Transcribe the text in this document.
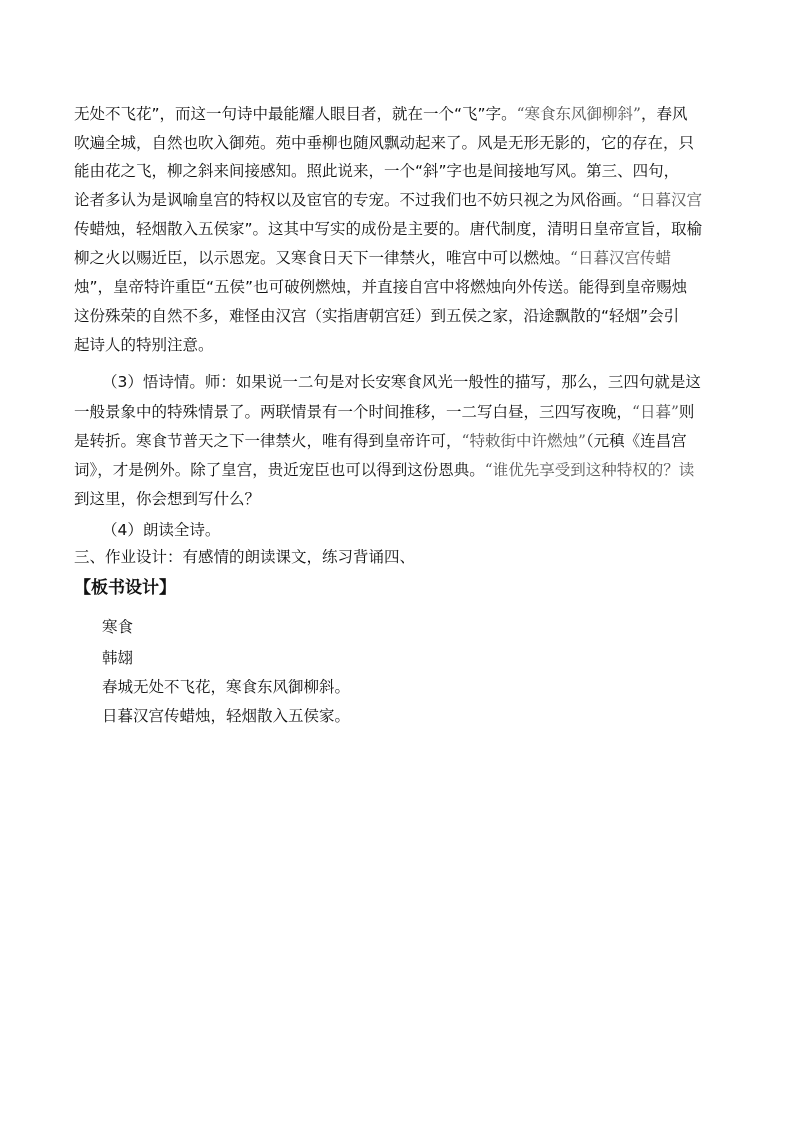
无处不飞花”，而这一句诗中最能耀人眼目者，就在一个“飞”字。“寒食东风御柳斜”，春风
吹遍全城，自然也吹入御苑。苑中垂柳也随风飘动起来了。风是无形无影的，它的存在，只
能由花之飞，柳之斜来间接感知。照此说来，一个“斜”字也是间接地写风。第三、四句，
论者多认为是讽喻皇宫的特权以及宦官的专宠。不过我们也不妨只视之为风俗画。“日暮汉宫
传蜡烛，轻烟散入五侯家”。这其中写实的成份是主要的。唐代制度，清明日皇帝宣旨，取榆
柳之火以赐近臣，以示恩宠。又寒食日天下一律禁火，唯宫中可以燃烛。“日暮汉宫传蜡
烛”，皇帝特许重臣“五侯”也可破例燃烛，并直接自宫中将燃烛向外传送。能得到皇帝赐烛
这份殊荣的自然不多，难怪由汉宫（实指唐朝宫廷）到五侯之家，沿途飘散的“轻烟”会引
起诗人的特别注意。
（3）悟诗情。师：如果说一二句是对长安寒食风光一般性的描写，那么，三四句就是这
一般景象中的特殊情景了。两联情景有一个时间推移，一二写白昼，三四写夜晚，“日暮”则
是转折。寒食节普天之下一律禁火，唯有得到皇帝许可，“特敕街中许燃烛”（元稹《连昌宫
词》，才是例外。除了皇宫，贵近宠臣也可以得到这份恩典。“谁优先享受到这种特权的？读
到这里，你会想到写什么？
（4）朗读全诗。
三、作业设计：有感情的朗读课文，练习背诵四、
【板书设计】
寒食
韩翃
春城无处不飞花，寒食东风御柳斜。
日暮汉宫传蜡烛，轻烟散入五侯家。
